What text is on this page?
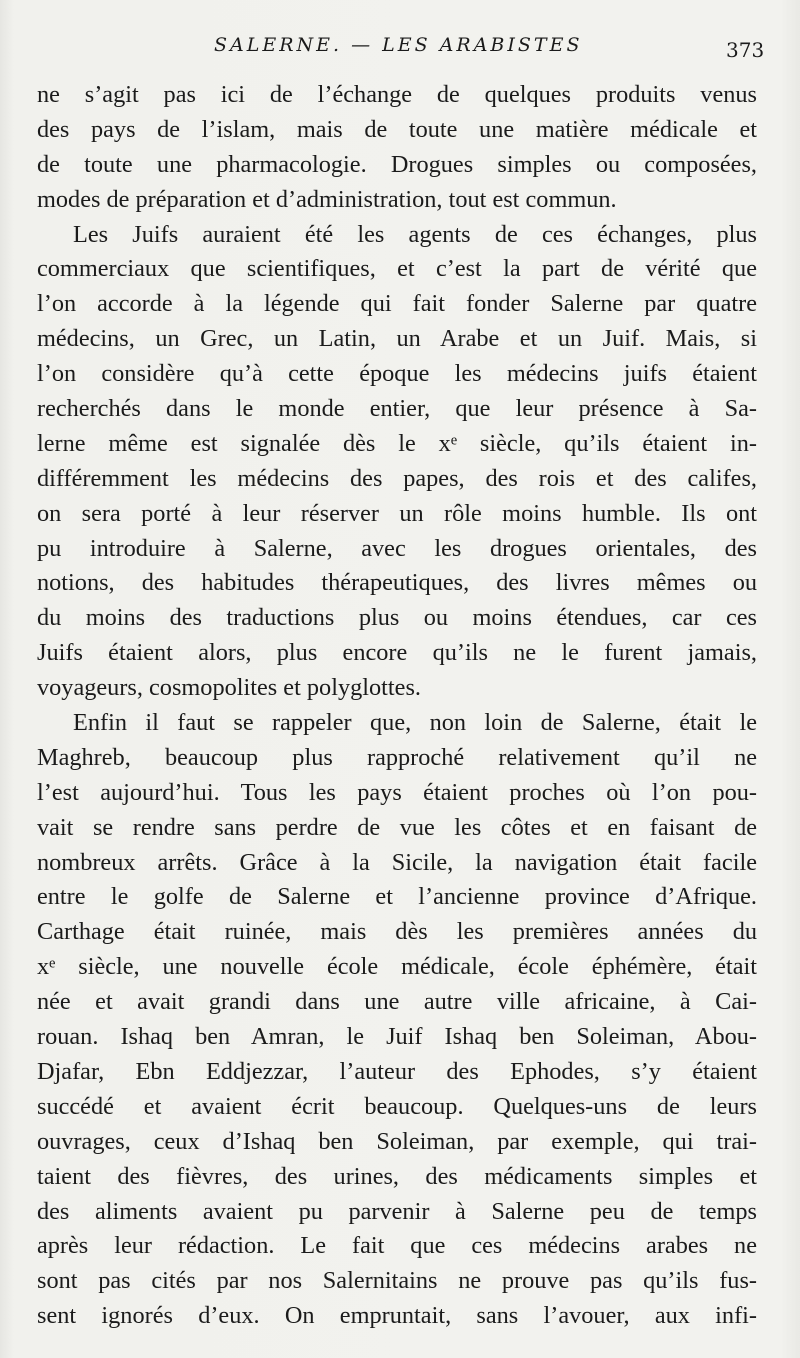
SALERNE. — LES ARABISTES	373
ne s’agit pas ici de l’échange de quelques produits venus
des pays de l’islam, mais de toute une matière médicale et
de toute une pharmacologie. Drogues simples ou composées,
modes de préparation et d’administration, tout est commun.
Les Juifs auraient été les agents de ces échanges, plus
commerciaux que scientifiques, et c’est la part de vérité que
l’on accorde à la légende qui fait fonder Salerne par quatre
médecins, un Grec, un Latin, un Arabe et un Juif. Mais, si
l’on considère qu’à cette époque les médecins juifs étaient
recherchés dans le monde entier, que leur présence à Sa-
lerne même est signalée dès le xᵉ siècle, qu’ils étaient in-
différemment les médecins des papes, des rois et des califes,
on sera porté à leur réserver un rôle moins humble. Ils ont
pu introduire à Salerne, avec les drogues orientales, des
notions, des habitudes thérapeutiques, des livres mêmes ou
du moins des traductions plus ou moins étendues, car ces
Juifs étaient alors, plus encore qu’ils ne le furent jamais,
voyageurs, cosmopolites et polyglottes.
Enfin il faut se rappeler que, non loin de Salerne, était le
Maghreb, beaucoup plus rapproché relativement qu’il ne
l’est aujourd’hui. Tous les pays étaient proches où l’on pou-
vait se rendre sans perdre de vue les côtes et en faisant de
nombreux arrêts. Grâce à la Sicile, la navigation était facile
entre le golfe de Salerne et l’ancienne province d’Afrique.
Carthage était ruinée, mais dès les premières années du
xᵉ siècle, une nouvelle école médicale, école éphémère, était
née et avait grandi dans une autre ville africaine, à Cai-
rouan. Ishaq ben Amran, le Juif Ishaq ben Soleiman, Abou-
Djafar, Ebn Eddjezzar, l’auteur des Ephodes, s’y étaient
succédé et avaient écrit beaucoup. Quelques-uns de leurs
ouvrages, ceux d’Ishaq ben Soleiman, par exemple, qui trai-
taient des fièvres, des urines, des médicaments simples et
des aliments avaient pu parvenir à Salerne peu de temps
après leur rédaction. Le fait que ces médecins arabes ne
sont pas cités par nos Salernitains ne prouve pas qu’ils fus-
sent ignorés d’eux. On empruntait, sans l’avouer, aux infi-
